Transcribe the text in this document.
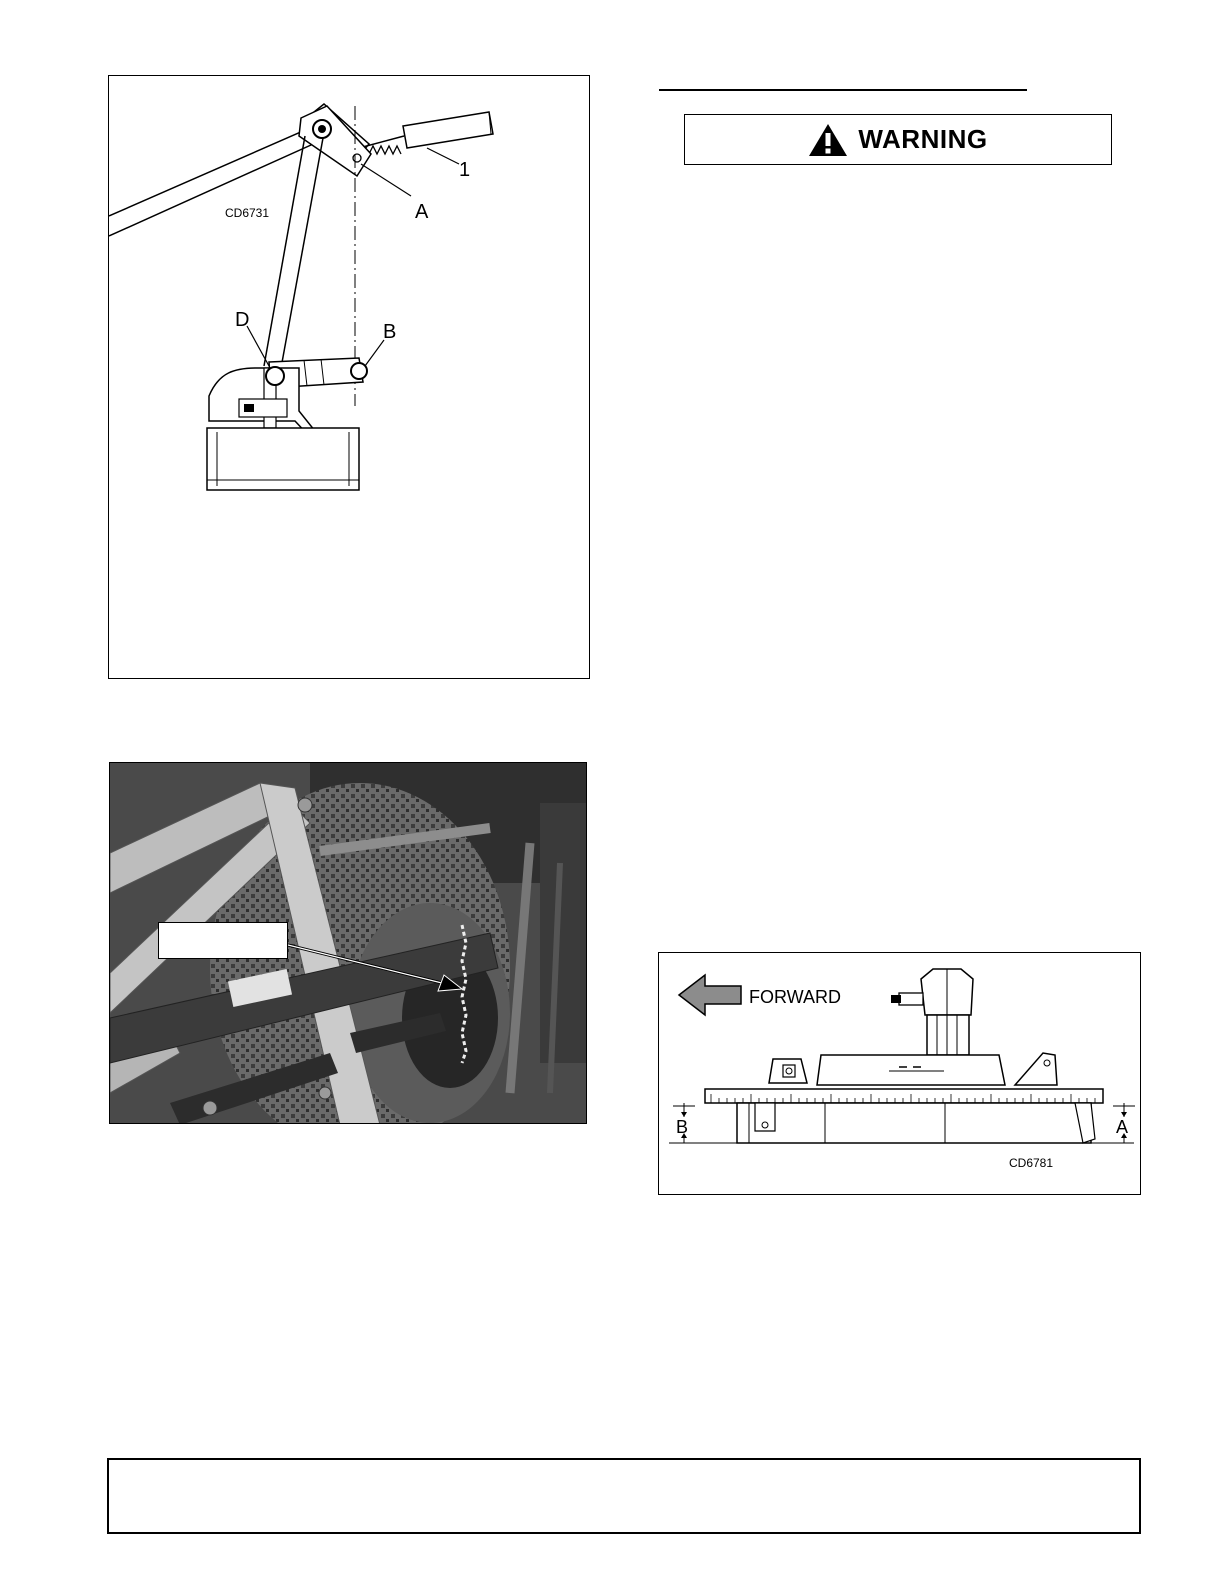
CD6731
1
A
D
B
WARNING
FORWARD
B	A
CD6781
